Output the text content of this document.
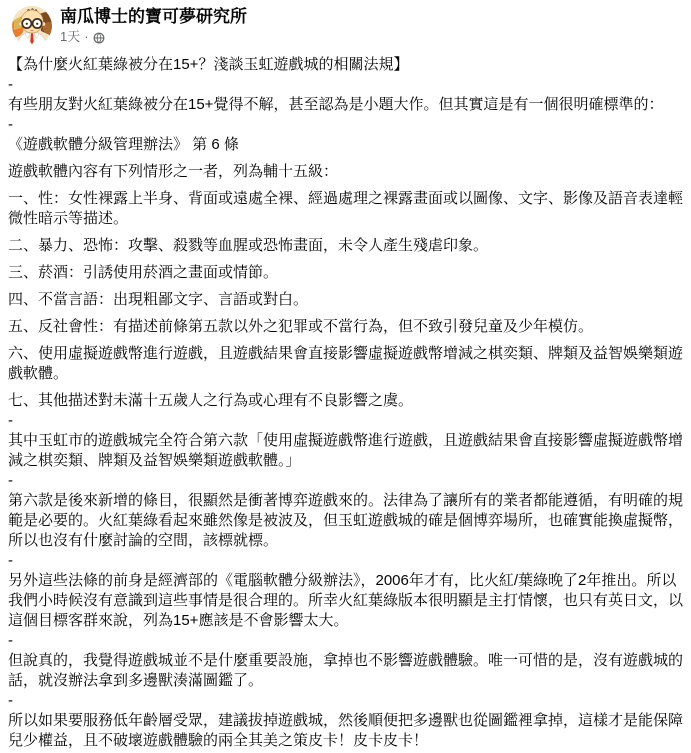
南瓜博士的寶可夢研究所
1天 ·
【為什麼火紅葉綠被分在15+？淺談玉虹遊戲城的相關法規】
-
有些朋友對火紅葉綠被分在15+覺得不解，甚至認為是小題大作。但其實這是有一個很明確標準的：
-
《遊戲軟體分級管理辦法》 第 6 條
遊戲軟體內容有下列情形之一者，列為輔十五級：
一、性：女性裸露上半身、背面或遠處全裸、經過處理之裸露畫面或以圖像、文字、影像及語音表達輕微性暗示等描述。
二、暴力、恐怖：攻擊、殺戮等血腥或恐怖畫面，未令人產生殘虐印象。
三、菸酒：引誘使用菸酒之畫面或情節。
四、不當言語：出現粗鄙文字、言語或對白。
五、反社會性：有描述前條第五款以外之犯罪或不當行為，但不致引發兒童及少年模仿。
六、使用虛擬遊戲幣進行遊戲，且遊戲結果會直接影響虛擬遊戲幣增減之棋奕類、牌類及益智娛樂類遊戲軟體。
七、其他描述對未滿十五歲人之行為或心理有不良影響之虞。
-
其中玉虹市的遊戲城完全符合第六款「使用虛擬遊戲幣進行遊戲，且遊戲結果會直接影響虛擬遊戲幣增減之棋奕類、牌類及益智娛樂類遊戲軟體。」
-
第六款是後來新增的條目，很顯然是衝著博弈遊戲來的。法律為了讓所有的業者都能遵循，有明確的規範是必要的。火紅葉綠看起來雖然像是被波及，但玉虹遊戲城的確是個博弈場所，也確實能換虛擬幣，所以也沒有什麼討論的空間，該標就標。
-
另外這些法條的前身是經濟部的《電腦軟體分級辦法》，2006年才有，比火紅/葉綠晚了2年推出。所以我們小時候沒有意識到這些事情是很合理的。所幸火紅葉綠版本很明顯是主打情懷，也只有英日文，以這個目標客群來說，列為15+應該是不會影響太大。
-
但說真的，我覺得遊戲城並不是什麼重要設施，拿掉也不影響遊戲體驗。唯一可惜的是，沒有遊戲城的話，就沒辦法拿到多邊獸湊滿圖鑑了。
-
所以如果要服務低年齡層受眾，建議拔掉遊戲城，然後順便把多邊獸也從圖鑑裡拿掉，這樣才是能保障兒少權益，且不破壞遊戲體驗的兩全其美之策皮卡！皮卡皮卡！
